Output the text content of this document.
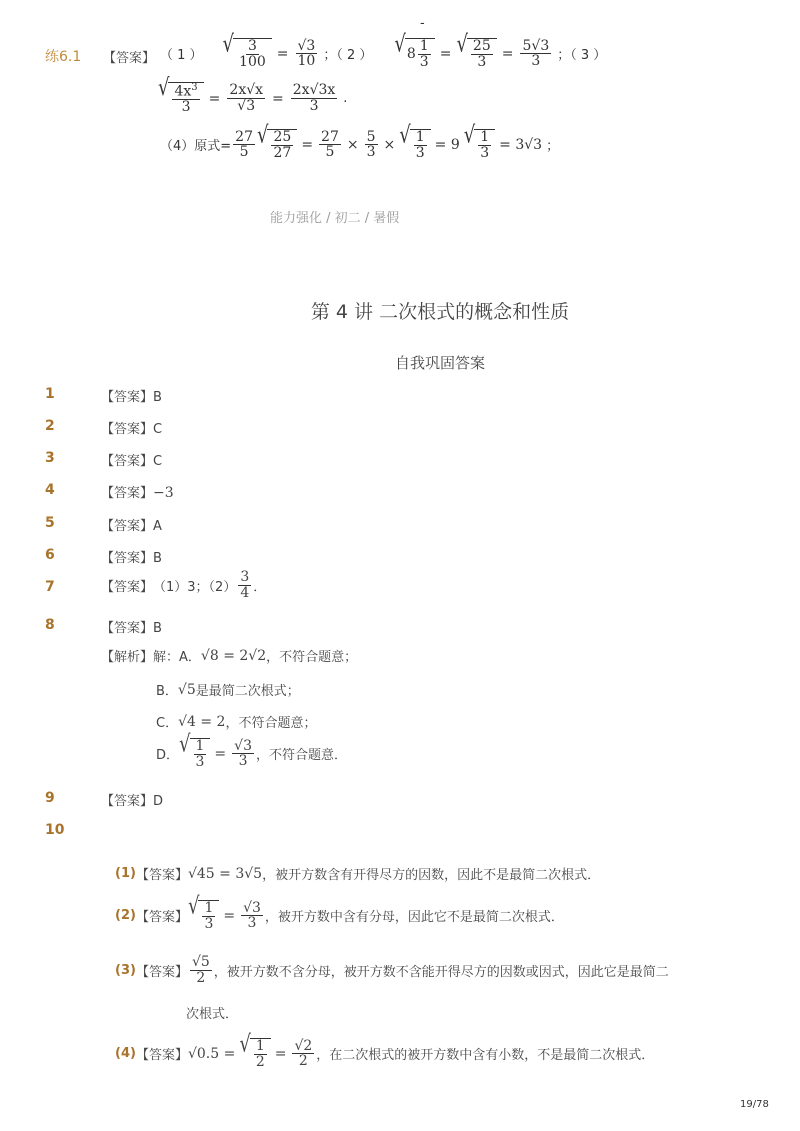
-
练6.1 【答案】 （ 1 ） √ $\frac{3}{100} = \frac{√3}{10}$ ；（ 2 ） √ $8 \frac{1}{3}$ = √ $\frac{25}{3} = \frac{5√3}{3}$ ；（ 3 ）
√ $\frac{4x^3}{3} = \frac{2x√x}{√3} = \frac{2x√3x}{3}$ .
（4）原式= $\frac{27}{5}$ √ $\frac{25}{27} = \frac{27}{5} \times \frac{5}{3}$ × √ $\frac{1}{3} = 9$ √ $\frac{1}{3} = 3√3$ ；
能力强化 / 初二 / 暑假
第 4 讲 二次根式的概念和性质
自我巩固答案
1	【答案】B
2	【答案】C
3	【答案】C
4	【答案】−3
5	【答案】A
6	【答案】B
7	【答案】 （1）3；$(2) \frac{3}{4}$ ．
8	【答案】B
【解析】 解：A． √8 = 2√2 ，不符合题意；
B． √5 是最简二次根式；
C． √4 = 2 ，不符合题意；
D． √ $\frac{1}{3} = \frac{√3}{3}$ ，不符合题意．
9	【答案】D
10
(1) 【答案】 √45 = 3√5 ，被开方数含有开得尽方的因数，因此不是最简二次根式．
(2) 【答案】 √ $\frac{1}{3} = \frac{√3}{3}$ ，被开方数中含有分母，因此它不是最简二次根式．
(3) 【答案】 $\frac{√5}{2}$ ，被开方数不含分母，被开方数不含能开得尽方的因数或因式，因此它是最简二
次根式．
(4) 【答案】 √0.5 = √ $\frac{1}{2} = \frac{√2}{2}$ ，在二次根式的被开方数中含有小数，不是最简二次根式．
19/78
